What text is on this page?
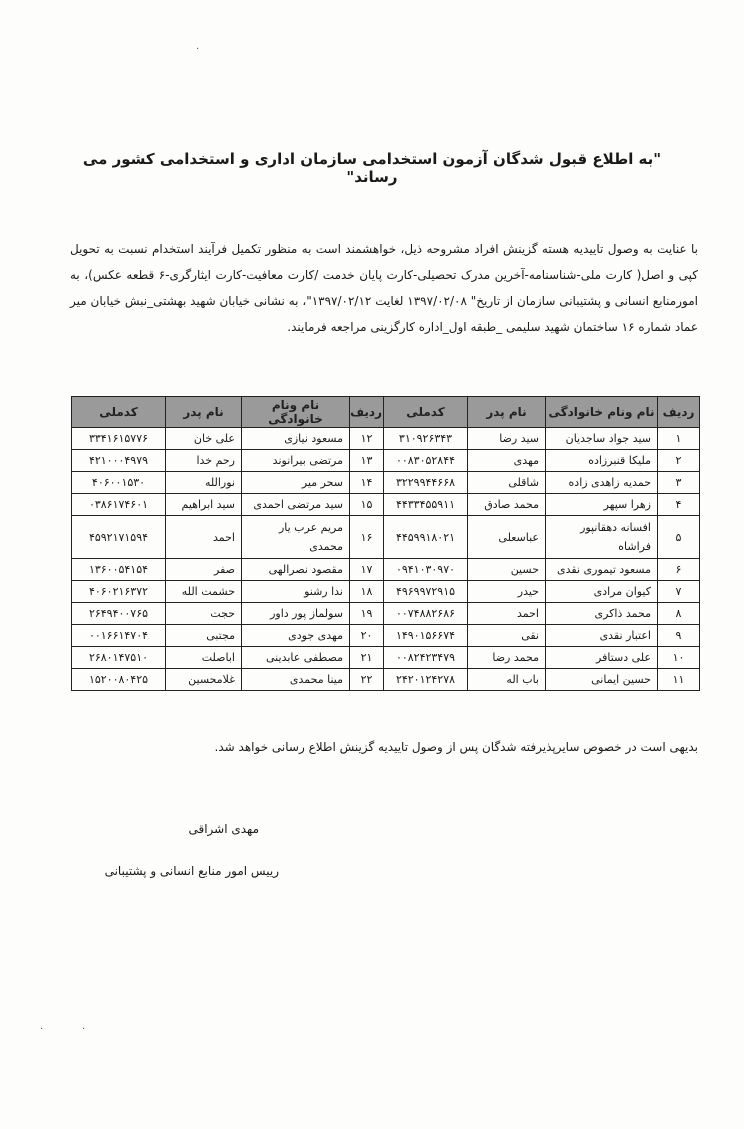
·
·	·
"به اطلاع قبول شدگان آزمون استخدامی سازمان اداری و استخدامی کشور می رساند"
با عنایت به وصول تاییدیه هسته گزینش افراد مشروحه ذیل، خواهشمند است به منظور تکمیل فرآیند استخدام نسبت به تحویل کپی و اصل( کارت ملی-شناسنامه-آخرین مدرک تحصیلی-کارت پایان خدمت /کارت معافیت-کارت ایثارگری-۶ قطعه عکس)، به امورمنابع انسانی و پشتیبانی سازمان از تاریخ" ۱۳۹۷/۰۲/۰۸ لغایت ۱۳۹۷/۰۲/۱۲"، به نشانی خیابان شهید بهشتی_نبش خیابان میر عماد شماره ۱۶ ساختمان شهید سلیمی _طبقه اول_اداره کارگزینی مراجعه فرمایند.
ردیف	نام ونام خانوادگی	نام پدر	کدملی	ردیف	نام ونام خانوادگی	نام پدر	کدملی
۱	سید جواد ساجدیان	سید رضا	۳۱۰۹۲۶۳۴۳	۱۲	مسعود نیازی	علی خان	۳۳۴۱۶۱۵۷۷۶
۲	ملیکا قنبرزاده	مهدی	۰۰۸۳۰۵۲۸۴۴	۱۳	مرتضی بیرانوند	رحم خدا	۴۲۱۰۰۰۴۹۷۹
۳	حمدیه زاهدی زاده	شاقلی	۳۲۲۹۹۴۴۶۶۸	۱۴	سحر میر	نورالله	۴۰۶۰۰۱۵۳۰
۴	زهرا سپهر	محمد صادق	۴۴۳۳۴۵۵۹۱۱	۱۵	سید مرتضی احمدی	سید ابراهیم	۰۳۸۶۱۷۴۶۰۱
۵	افسانه دهقانپور فراشاه	عباسعلی	۴۴۵۹۹۱۸۰۲۱	۱۶	مریم عرب یار محمدی	احمد	۴۵۹۲۱۷۱۵۹۴
۶	مسعود تیموری نقدی	حسین	۰۹۴۱۰۳۰۹۷۰	۱۷	مقصود نصرالهی	صفر	۱۳۶۰۰۵۴۱۵۴
۷	کیوان مرادی	حیدر	۴۹۶۹۹۷۲۹۱۵	۱۸	ندا رشنو	حشمت الله	۴۰۶۰۲۱۶۳۷۲
۸	محمد ذاکری	احمد	۰۰۷۴۸۸۲۶۸۶	۱۹	سولماز پور داور	حجت	۲۶۴۹۴۰۰۷۶۵
۹	اعتبار نقدی	نقی	۱۴۹۰۱۵۶۶۷۴	۲۰	مهدی جودی	مجتبی	۰۰۱۶۶۱۴۷۰۴
۱۰	علی دستافر	محمد رضا	۰۰۸۲۴۲۳۴۷۹	۲۱	مصطفی عابدینی	اباصلت	۲۶۸۰۱۴۷۵۱۰
۱۱	حسین ایمانی	باب اله	۲۴۲۰۱۲۴۲۷۸	۲۲	مینا محمدی	غلامحسین	۱۵۲۰۰۸۰۴۲۵
بدیهی است در خصوص سایرپذیرفته شدگان پس از وصول تاییدیه گزینش اطلاع رسانی خواهد شد.
مهدی اشراقی
رییس امور منابع انسانی و پشتیبانی
